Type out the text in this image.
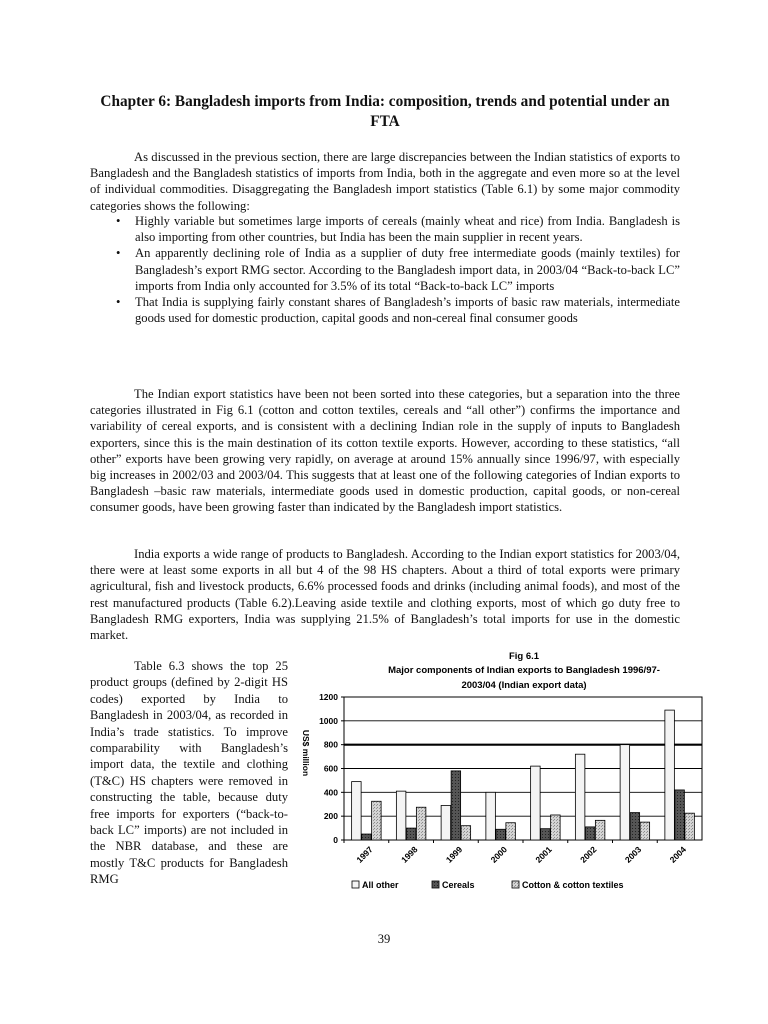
Chapter 6: Bangladesh imports from India: composition, trends and potential under an FTA

As discussed in the previous section, there are large discrepancies between the Indian statistics of exports to Bangladesh and the Bangladesh statistics of imports from India, both in the aggregate and even more so at the level of individual commodities. Disaggregating the Bangladesh import statistics (Table 6.1) by some major commodity categories shows the following:

• Highly variable but sometimes large imports of cereals (mainly wheat and rice) from India. Bangladesh is also importing from other countries, but India has been the main supplier in recent years.
• An apparently declining role of India as a supplier of duty free intermediate goods (mainly textiles) for Bangladesh’s export RMG sector. According to the Bangladesh import data, in 2003/04 “Back-to-back LC” imports from India only accounted for 3.5% of its total “Back-to-back LC” imports
• That India is supplying fairly constant shares of Bangladesh’s imports of basic raw materials, intermediate goods used for domestic production, capital goods and non-cereal final consumer goods

The Indian export statistics have been not been sorted into these categories, but a separation into the three categories illustrated in Fig 6.1 (cotton and cotton textiles, cereals and “all other”) confirms the importance and variability of cereal exports, and is consistent with a declining Indian role in the supply of inputs to Bangladesh exporters, since this is the main destination of its cotton textile exports. However, according to these statistics, “all other” exports have been growing very rapidly, on average at around 15% annually since 1996/97, with especially big increases in 2002/03 and 2003/04. This suggests that at least one of the following categories of Indian exports to Bangladesh –basic raw materials, intermediate goods used in domestic production, capital goods, or non-cereal consumer goods, have been growing faster than indicated by the Bangladesh import statistics.

India exports a wide range of products to Bangladesh. According to the Indian export statistics for 2003/04, there were at least some exports in all but 4 of the 98 HS chapters. About a third of total exports were primary agricultural, fish and livestock products, 6.6% processed foods and drinks (including animal foods), and most of the rest manufactured products (Table 6.2).Leaving aside textile and clothing exports, most of which go duty free to Bangladesh RMG exporters, India was supplying 21.5% of Bangladesh’s total imports for use in the domestic market.

Table 6.3 shows the top 25 product groups (defined by 2-digit HS codes) exported by India to Bangladesh in 2003/04, as recorded in India’s trade statistics. To improve comparability with Bangladesh’s import data, the textile and clothing (T&C) HS chapters were removed in constructing the table, because duty free imports for exporters (“back-to-back LC” imports) are not included in the NBR database, and these are mostly T&C products for Bangladesh RMG

Fig 6.1
Major components of Indian exports to Bangladesh 1996/97-
2003/04 (Indian export data)
0
200
400
600
800
1000
1200
1997	1998	1999	2000	2001	2002	2003	2004
US$ million
All other	Cereals	Cotton & cotton textiles

39
